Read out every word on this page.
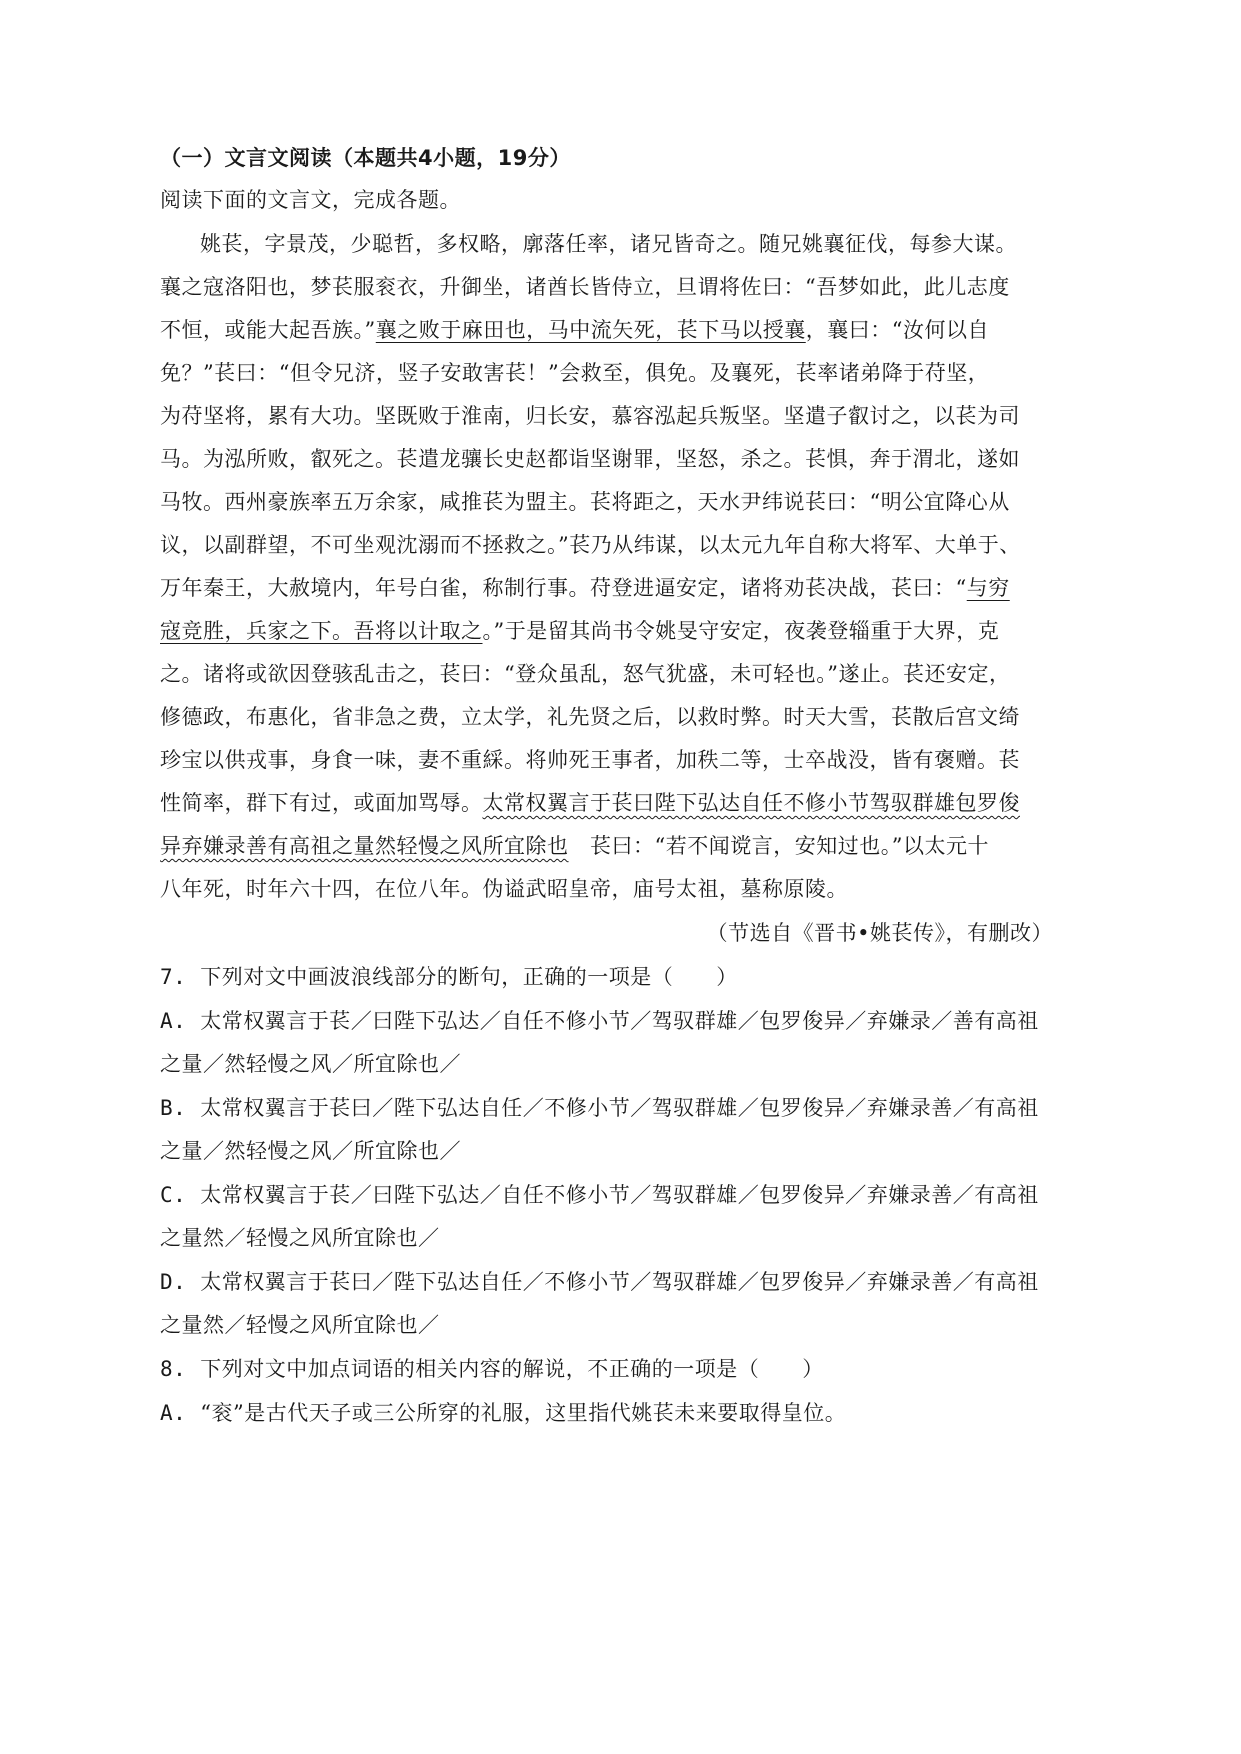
（一）文言文阅读（本题共4小题，19分）
阅读下面的文言文，完成各题。
姚苌，字景茂，少聪哲，多权略，廓落任率，诸兄皆奇之。随兄姚襄征伐，每参大谋。
襄之寇洛阳也，梦苌服衮衣，升御坐，诸酋长皆侍立，旦谓将佐曰：“吾梦如此，此儿志度
不恒，或能大起吾族。”襄之败于麻田也，马中流矢死，苌下马以授襄，襄曰：“汝何以自
免？”苌曰：“但令兄济，竖子安敢害苌！”会救至，俱免。及襄死，苌率诸弟降于苻坚，
为苻坚将，累有大功。坚既败于淮南，归长安，慕容泓起兵叛坚。坚遣子叡讨之，以苌为司
马。为泓所败，叡死之。苌遣龙骧长史赵都诣坚谢罪，坚怒，杀之。苌惧，奔于渭北，遂如
马牧。西州豪族率五万余家，咸推苌为盟主。苌将距之，天水尹纬说苌曰：“明公宜降心从
议，以副群望，不可坐观沈溺而不拯救之。”苌乃从纬谋，以太元九年自称大将军、大单于、
万年秦王，大赦境内，年号白雀，称制行事。苻登进逼安定，诸将劝苌决战，苌曰：“与穷
寇竞胜，兵家之下。吾将以计取之。”于是留其尚书令姚旻守安定，夜袭登辎重于大界，克
之。诸将或欲因登骇乱击之，苌曰：“登众虽乱，怒气犹盛，未可轻也。”遂止。苌还安定，
修德政，布惠化，省非急之费，立太学，礼先贤之后，以救时弊。时天大雪，苌散后宫文绮
珍宝以供戎事，身食一味，妻不重綵。将帅死王事者，加秩二等，士卒战没，皆有褒赠。苌
性简率，群下有过，或面加骂辱。太常权翼言于苌曰陛下弘达自任不修小节驾驭群雄包罗俊
异弃嫌录善有高祖之量然轻慢之风所宜除也　苌曰：“若不闻谠言，安知过也。”以太元十
八年死，时年六十四，在位八年。伪谥武昭皇帝，庙号太祖，墓称原陵。
（节选自《晋书•姚苌传》，有删改）
7. 下列对文中画波浪线部分的断句，正确的一项是（　　）
A. 太常权翼言于苌／曰陛下弘达／自任不修小节／驾驭群雄／包罗俊异／弃嫌录／善有高祖
之量／然轻慢之风／所宜除也／
B. 太常权翼言于苌曰／陛下弘达自任／不修小节／驾驭群雄／包罗俊异／弃嫌录善／有高祖
之量／然轻慢之风／所宜除也／
C. 太常权翼言于苌／曰陛下弘达／自任不修小节／驾驭群雄／包罗俊异／弃嫌录善／有高祖
之量然／轻慢之风所宜除也／
D. 太常权翼言于苌曰／陛下弘达自任／不修小节／驾驭群雄／包罗俊异／弃嫌录善／有高祖
之量然／轻慢之风所宜除也／
8. 下列对文中加点词语的相关内容的解说，不正确的一项是（　　）
A. “衮”是古代天子或三公所穿的礼服，这里指代姚苌未来要取得皇位。
